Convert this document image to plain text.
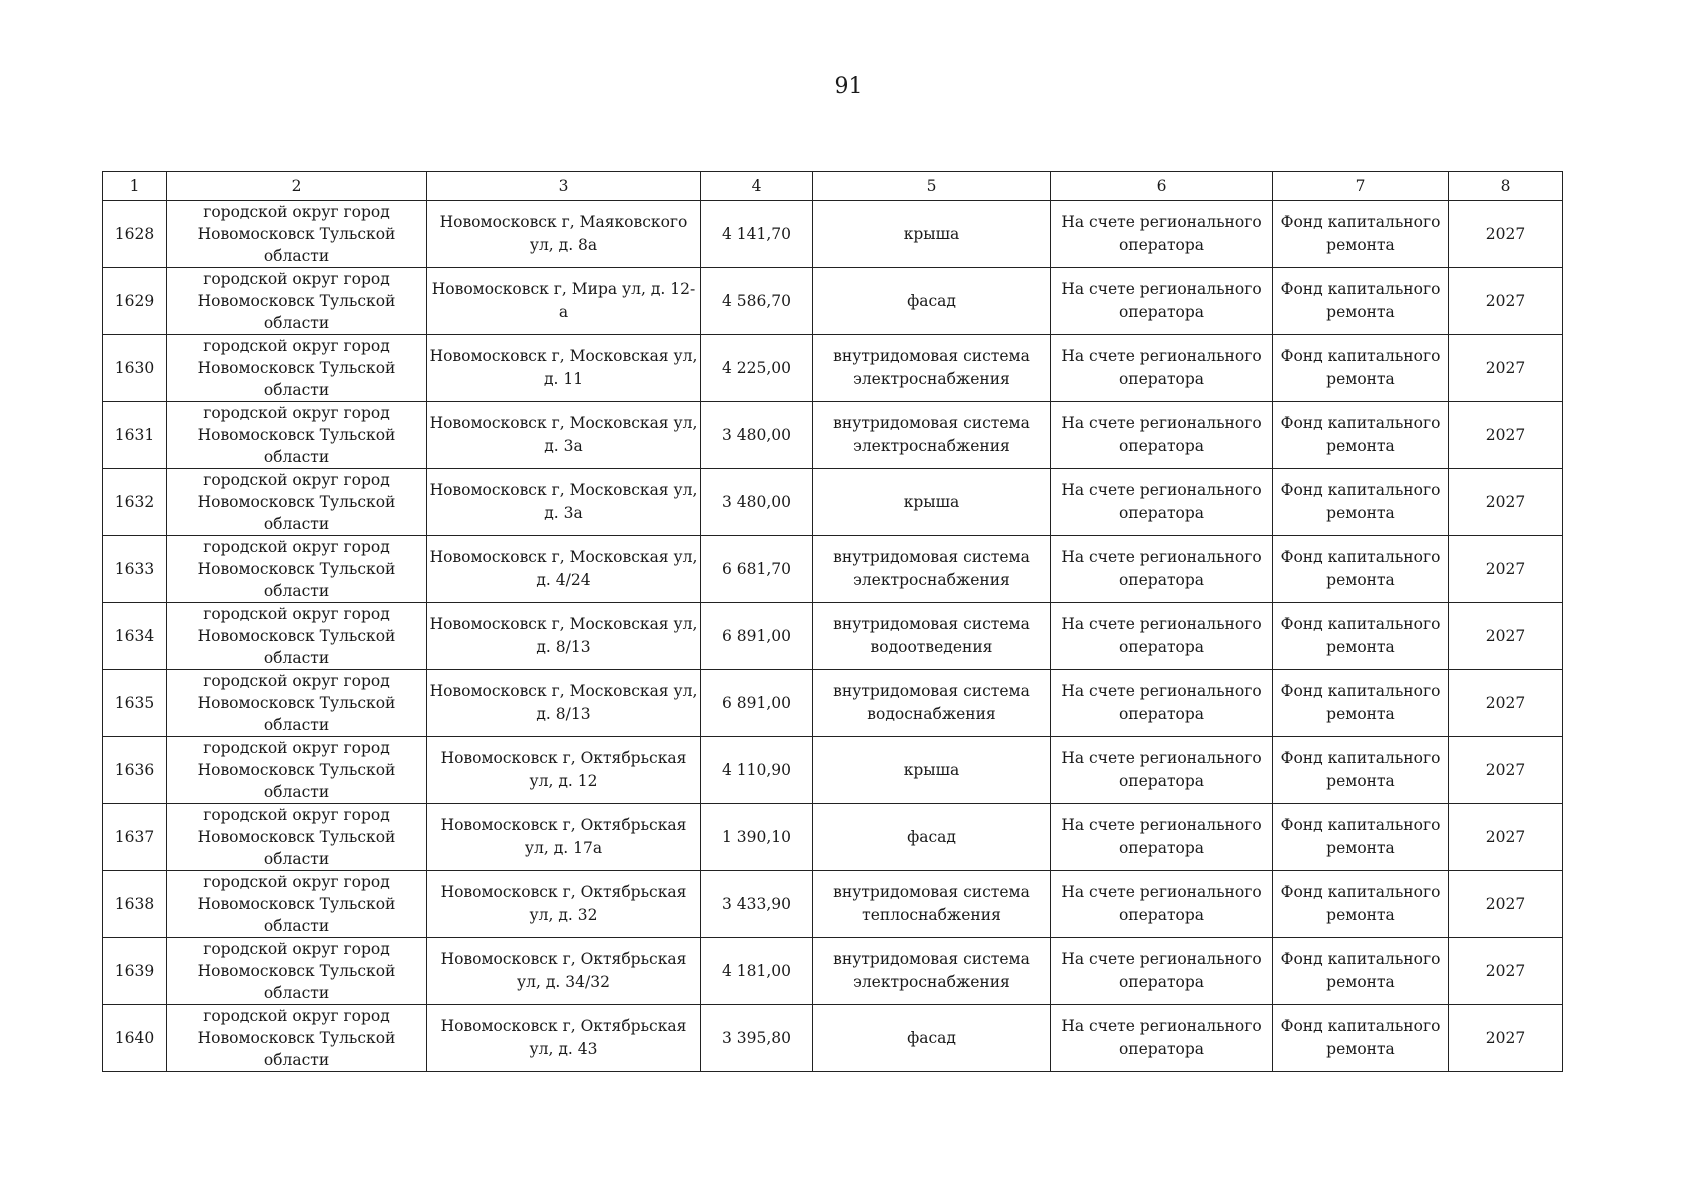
91
1	2	3	4	5	6	7	8
1628	городской округ город Новомосковск Тульской области	Новомосковск г, Маяковского ул, д. 8а	4 141,70	крыша	На счете регионального оператора	Фонд капитального ремонта	2027
1629	городской округ город Новомосковск Тульской области	Новомосковск г, Мира ул, д. 12-а	4 586,70	фасад	На счете регионального оператора	Фонд капитального ремонта	2027
1630	городской округ город Новомосковск Тульской области	Новомосковск г, Московская ул, д. 11	4 225,00	внутридомовая система электроснабжения	На счете регионального оператора	Фонд капитального ремонта	2027
1631	городской округ город Новомосковск Тульской области	Новомосковск г, Московская ул, д. 3а	3 480,00	внутридомовая система электроснабжения	На счете регионального оператора	Фонд капитального ремонта	2027
1632	городской округ город Новомосковск Тульской области	Новомосковск г, Московская ул, д. 3а	3 480,00	крыша	На счете регионального оператора	Фонд капитального ремонта	2027
1633	городской округ город Новомосковск Тульской области	Новомосковск г, Московская ул, д. 4/24	6 681,70	внутридомовая система электроснабжения	На счете регионального оператора	Фонд капитального ремонта	2027
1634	городской округ город Новомосковск Тульской области	Новомосковск г, Московская ул, д. 8/13	6 891,00	внутридомовая система водоотведения	На счете регионального оператора	Фонд капитального ремонта	2027
1635	городской округ город Новомосковск Тульской области	Новомосковск г, Московская ул, д. 8/13	6 891,00	внутридомовая система водоснабжения	На счете регионального оператора	Фонд капитального ремонта	2027
1636	городской округ город Новомосковск Тульской области	Новомосковск г, Октябрьская ул, д. 12	4 110,90	крыша	На счете регионального оператора	Фонд капитального ремонта	2027
1637	городской округ город Новомосковск Тульской области	Новомосковск г, Октябрьская ул, д. 17а	1 390,10	фасад	На счете регионального оператора	Фонд капитального ремонта	2027
1638	городской округ город Новомосковск Тульской области	Новомосковск г, Октябрьская ул, д. 32	3 433,90	внутридомовая система теплоснабжения	На счете регионального оператора	Фонд капитального ремонта	2027
1639	городской округ город Новомосковск Тульской области	Новомосковск г, Октябрьская ул, д. 34/32	4 181,00	внутридомовая система электроснабжения	На счете регионального оператора	Фонд капитального ремонта	2027
1640	городской округ город Новомосковск Тульской области	Новомосковск г, Октябрьская ул, д. 43	3 395,80	фасад	На счете регионального оператора	Фонд капитального ремонта	2027
